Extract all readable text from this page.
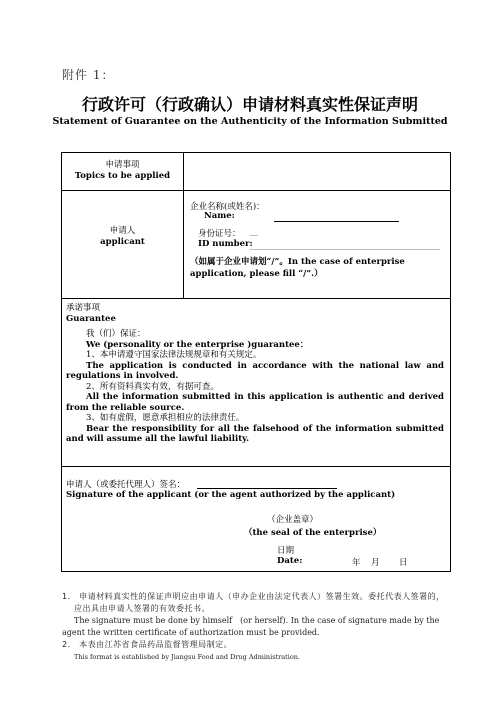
附件 1：
行政许可（行政确认）申请材料真实性保证声明
Statement of Guarantee on the Authenticity of the Information Submitted
申请事项
Topics to be applied
申请人
applicant
企业名称(或姓名)：
Name:
身份证号：
ID number:
（如属于企业申请划“/”。In the case of enterprise application, please fill “/”.）
承诺事项
Guarantee
我（们）保证：
We (personality or the enterprise )guarantee：
1、本申请遵守国家法律法规规章和有关规定。
The application is conducted in accordance with the national law and regulations in involved.
2、所有资料真实有效，有据可查。
All the information submitted in this application is authentic and derived from the reliable source.
3、如有虚假，愿意承担相应的法律责任。
Bear the responsibility for all the falsehood of the information submitted and will assume all the lawful liability.
申请人（或委托代理人）签名：
Signature of the applicant (or the agent authorized by the applicant)
（企业盖章）
（the seal of the enterprise）
日期
Date:	年 月 日
1.　申请材料真实性的保证声明应由申请人（申办企业由法定代表人）签署生效。委托代表人签署的，应出具由申请人签署的有效委托书。
The signature must be done by himself　(or herself). In the case of signature made by the agent the written certificate of authorization must be provided.
2.　本表由江苏省食品药品监督管理局制定。
This format is established by Jiangsu Food and Drug Administration.
